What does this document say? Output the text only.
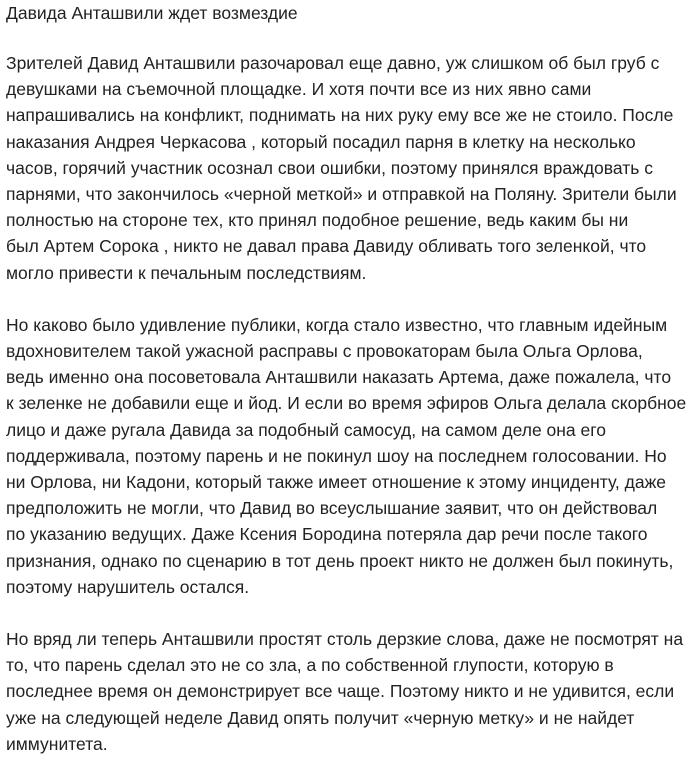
Давида Анташвили ждет возмездие

Зрителей Давид Анташвили разочаровал еще давно, уж слишком об был груб с
девушками на съемочной площадке. И хотя почти все из них явно сами
напрашивались на конфликт, поднимать на них руку ему все же не стоило. После
наказания Андрея Черкасова , который посадил парня в клетку на несколько
часов, горячий участник осознал свои ошибки, поэтому принялся враждовать с
парнями, что закончилось «черной меткой» и отправкой на Поляну. Зрители были
полностью на стороне тех, кто принял подобное решение, ведь каким бы ни
был Артем Сорока , никто не давал права Давиду обливать того зеленкой, что
могло привести к печальным последствиям.

Но каково было удивление публики, когда стало известно, что главным идейным
вдохновителем такой ужасной расправы с провокаторам была Ольга Орлова,
ведь именно она посоветовала Анташвили наказать Артема, даже пожалела, что
к зеленке не добавили еще и йод. И если во время эфиров Ольга делала скорбное
лицо и даже ругала Давида за подобный самосуд, на самом деле она его
поддерживала, поэтому парень и не покинул шоу на последнем голосовании. Но
ни Орлова, ни Кадони, который также имеет отношение к этому инциденту, даже
предположить не могли, что Давид во всеуслышание заявит, что он действовал
по указанию ведущих. Даже Ксения Бородина потеряла дар речи после такого
признания, однако по сценарию в тот день проект никто не должен был покинуть,
поэтому нарушитель остался.

Но вряд ли теперь Анташвили простят столь дерзкие слова, даже не посмотрят на
то, что парень сделал это не со зла, а по собственной глупости, которую в
последнее время он демонстрирует все чаще. Поэтому никто и не удивится, если
уже на следующей неделе Давид опять получит «черную метку» и не найдет
иммунитета.
